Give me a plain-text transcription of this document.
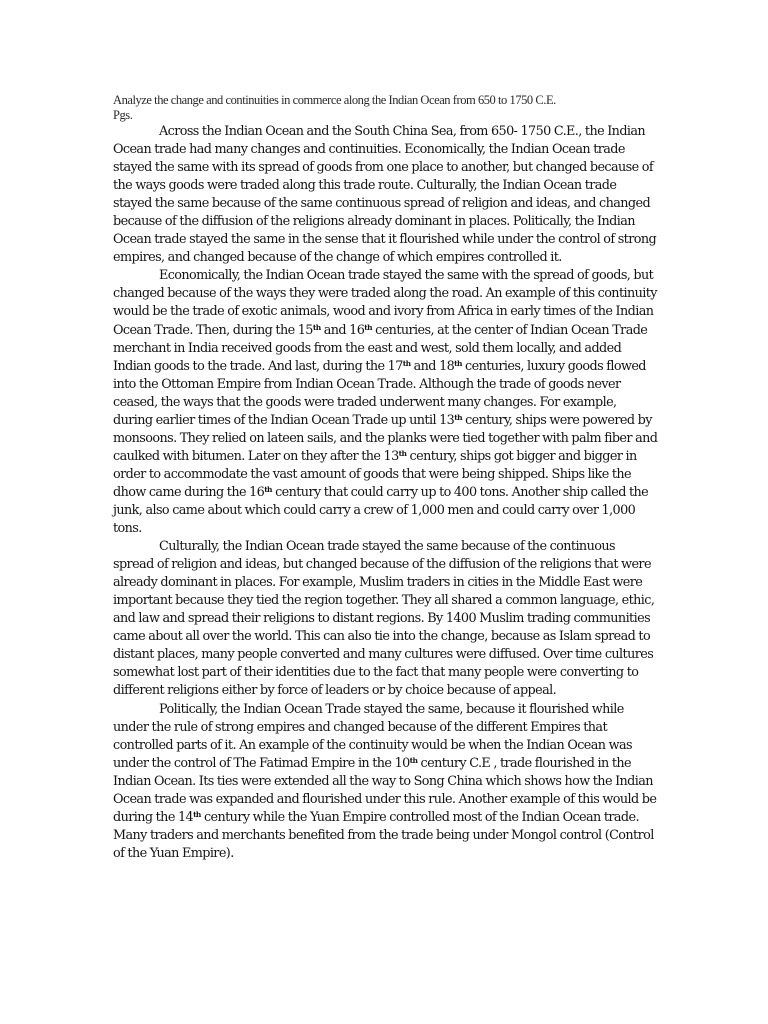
Analyze the change and continuities in commerce along the Indian Ocean from 650 to 1750 C.E.
Pgs.

Across the Indian Ocean and the South China Sea, from 650- 1750 C.E., the Indian Ocean trade had many changes and continuities. Economically, the Indian Ocean trade stayed the same with its spread of goods from one place to another, but changed because of the ways goods were traded along this trade route. Culturally, the Indian Ocean trade stayed the same because of the same continuous spread of religion and ideas, and changed because of the diffusion of the religions already dominant in places. Politically, the Indian Ocean trade stayed the same in the sense that it flourished while under the control of strong empires, and changed because of the change of which empires controlled it.

Economically, the Indian Ocean trade stayed the same with the spread of goods, but changed because of the ways they were traded along the road. An example of this continuity would be the trade of exotic animals, wood and ivory from Africa in early times of the Indian Ocean Trade. Then, during the 15th and 16th centuries, at the center of Indian Ocean Trade merchant in India received goods from the east and west, sold them locally, and added Indian goods to the trade. And last, during the 17th and 18th centuries, luxury goods flowed into the Ottoman Empire from Indian Ocean Trade. Although the trade of goods never ceased, the ways that the goods were traded underwent many changes. For example, during earlier times of the Indian Ocean Trade up until 13th century, ships were powered by monsoons. They relied on lateen sails, and the planks were tied together with palm fiber and caulked with bitumen. Later on they after the 13th century, ships got bigger and bigger in order to accommodate the vast amount of goods that were being shipped. Ships like the dhow came during the 16th century that could carry up to 400 tons. Another ship called the junk, also came about which could carry a crew of 1,000 men and could carry over 1,000 tons.

Culturally, the Indian Ocean trade stayed the same because of the continuous spread of religion and ideas, but changed because of the diffusion of the religions that were already dominant in places. For example, Muslim traders in cities in the Middle East were important because they tied the region together. They all shared a common language, ethic, and law and spread their religions to distant regions. By 1400 Muslim trading communities came about all over the world. This can also tie into the change, because as Islam spread to distant places, many people converted and many cultures were diffused. Over time cultures somewhat lost part of their identities due to the fact that many people were converting to different religions either by force of leaders or by choice because of appeal.

Politically, the Indian Ocean Trade stayed the same, because it flourished while under the rule of strong empires and changed because of the different Empires that controlled parts of it. An example of the continuity would be when the Indian Ocean was under the control of The Fatimad Empire in the 10th century C.E , trade flourished in the Indian Ocean. Its ties were extended all the way to Song China which shows how the Indian Ocean trade was expanded and flourished under this rule. Another example of this would be during the 14th century while the Yuan Empire controlled most of the Indian Ocean trade. Many traders and merchants benefited from the trade being under Mongol control (Control of the Yuan Empire).
